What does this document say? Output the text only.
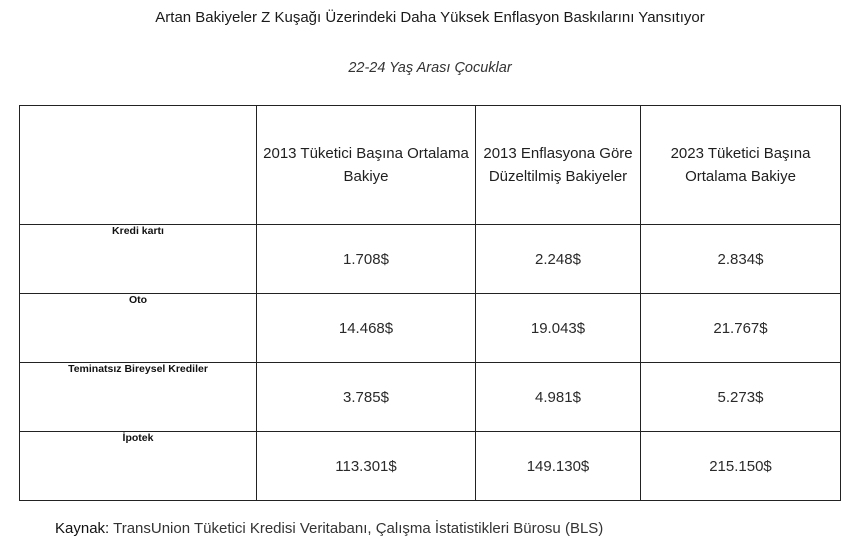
Artan Bakiyeler Z Kuşağı Üzerindeki Daha Yüksek Enflasyon Baskılarını Yansıtıyor
22-24 Yaş Arası Çocuklar
	2013 Tüketici Başına Ortalama Bakiye	2013 Enflasyona Göre Düzeltilmiş Bakiyeler	2023 Tüketici Başına Ortalama Bakiye
Kredi kartı	1.708$	2.248$	2.834$
Oto	14.468$	19.043$	21.767$
Teminatsız Bireysel Krediler	3.785$	4.981$	5.273$
İpotek	113.301$	149.130$	215.150$
Kaynak: TransUnion Tüketici Kredisi Veritabanı, Çalışma İstatistikleri Bürosu (BLS)
